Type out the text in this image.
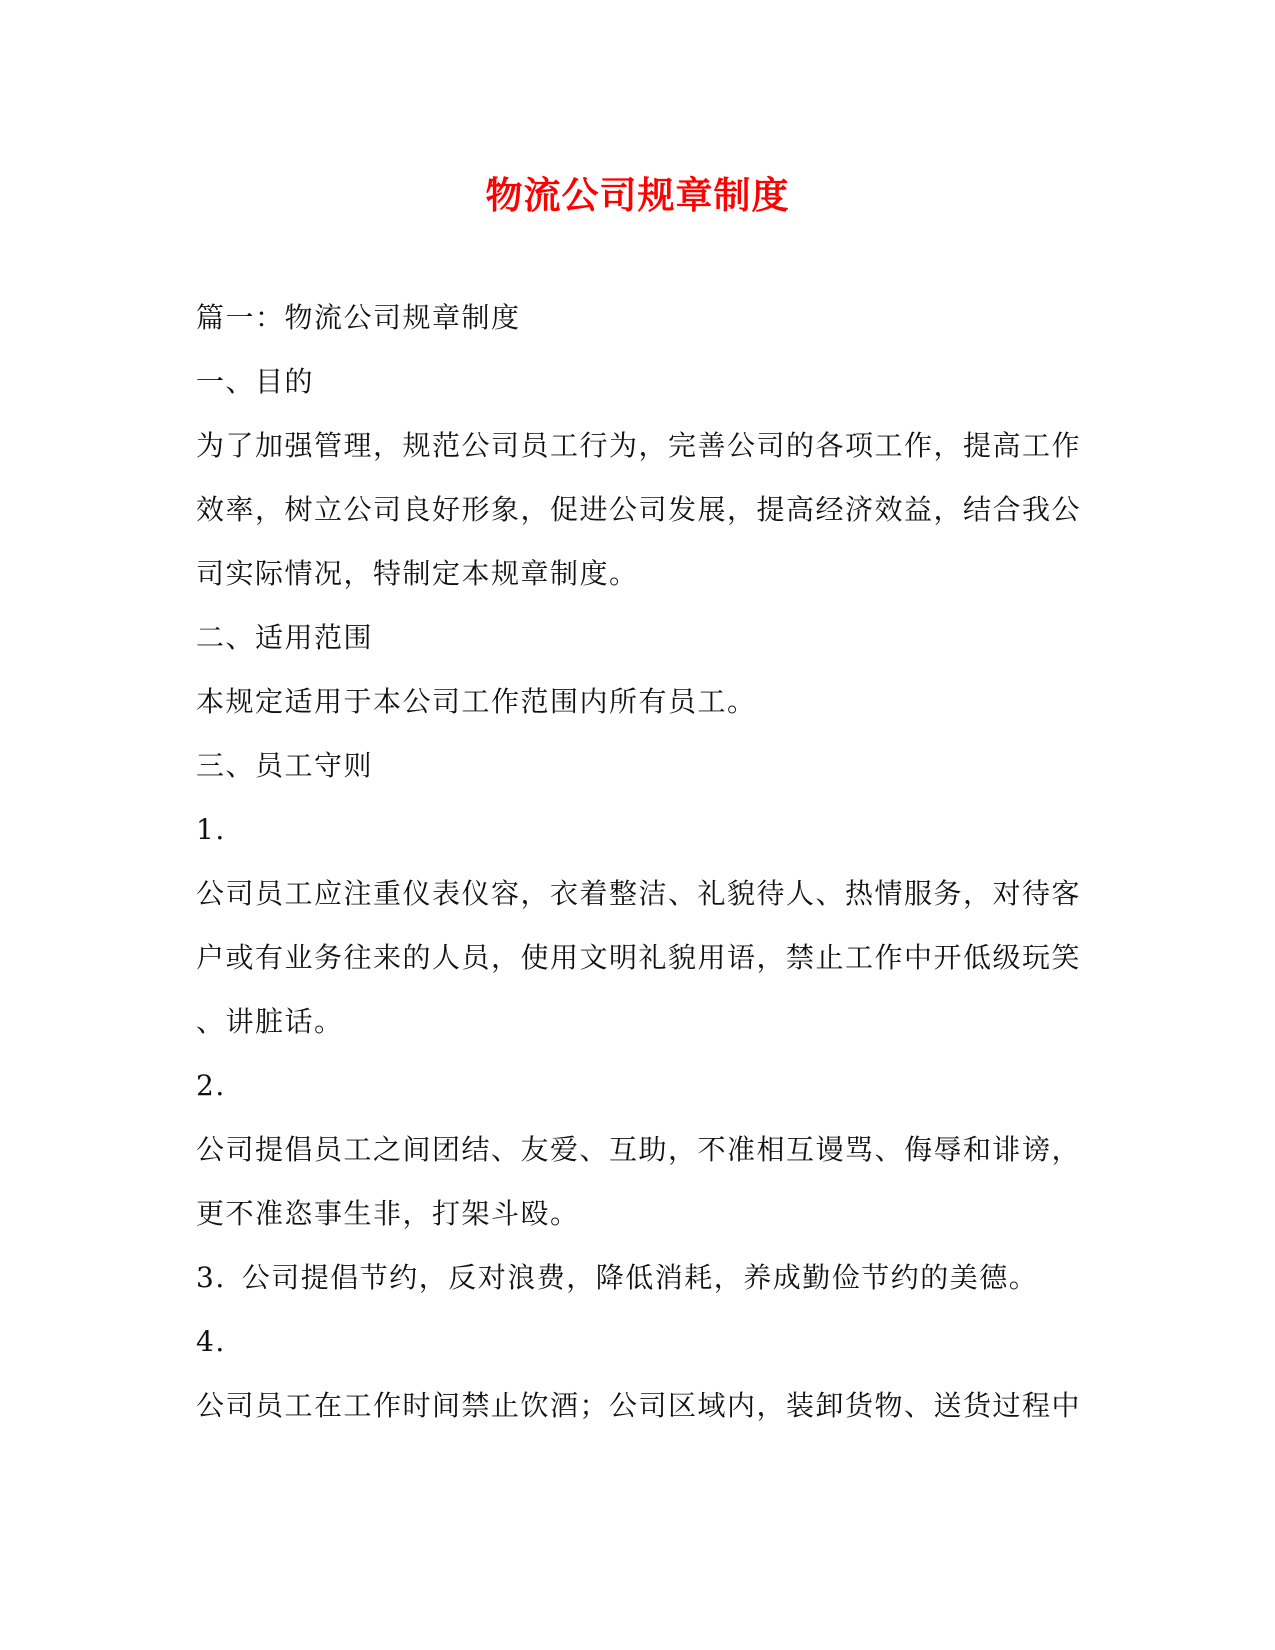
物流公司规章制度

篇一：物流公司规章制度

一、目的

为了加强管理，规范公司员工行为，完善公司的各项工作，提高工作
效率，树立公司良好形象，促进公司发展，提高经济效益，结合我公
司实际情况，特制定本规章制度。

二、适用范围

本规定适用于本公司工作范围内所有员工。

三、员工守则

1.

公司员工应注重仪表仪容，衣着整洁、礼貌待人、热情服务，对待客
户或有业务往来的人员，使用文明礼貌用语，禁止工作中开低级玩笑
、讲脏话。

2.

公司提倡员工之间团结、友爱、互助，不准相互谩骂、侮辱和诽谤，
更不准恣事生非，打架斗殴。

3. 公司提倡节约，反对浪费，降低消耗，养成勤俭节约的美德。

4.

公司员工在工作时间禁止饮酒；公司区域内，装卸货物、送货过程中
